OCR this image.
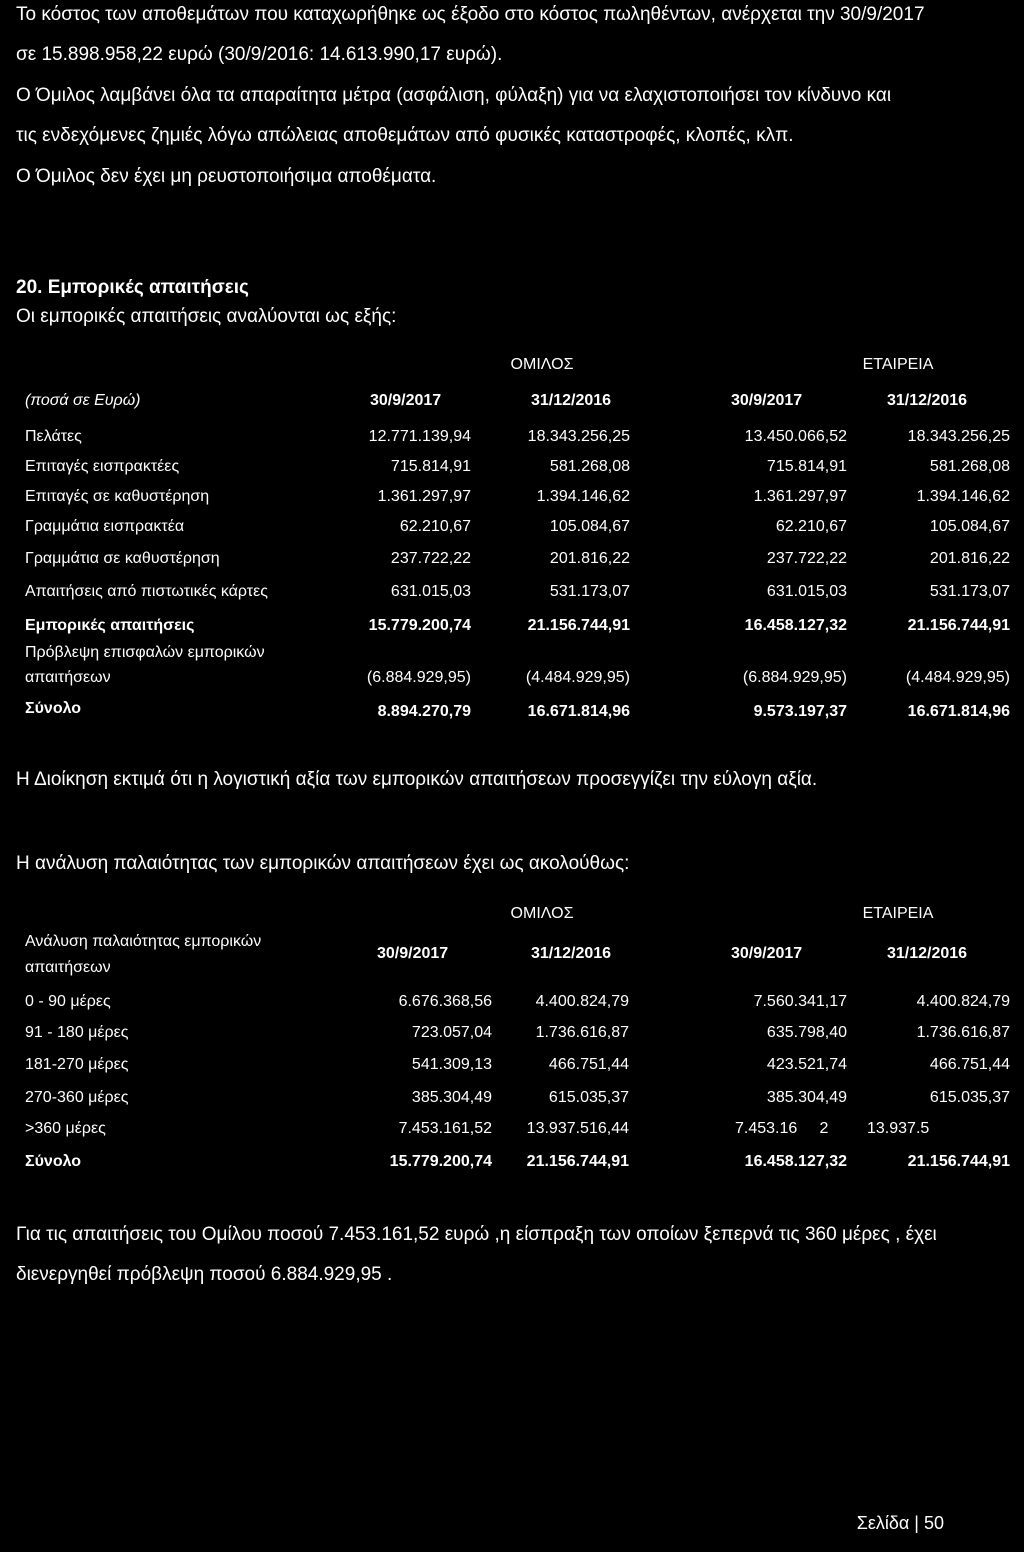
Το κόστος των αποθεμάτων που καταχωρήθηκε ως έξοδο στο κόστος πωληθέντων, ανέρχεται την 30/9/2017
σε 15.898.958,22 ευρώ (30/9/2016: 14.613.990,17 ευρώ).
Ο Όμιλος λαμβάνει όλα τα απαραίτητα μέτρα (ασφάλιση, φύλαξη) για να ελαχιστοποιήσει τον κίνδυνο και
τις ενδεχόμενες ζημιές λόγω απώλειας αποθεμάτων από φυσικές καταστροφές, κλοπές, κλπ.
Ο Όμιλος δεν έχει μη ρευστοποιήσιμα αποθέματα.
20. Εμπορικές απαιτήσεις
Οι εμπορικές απαιτήσεις αναλύονται ως εξής:
ΟΜΙΛΟΣ	ΕΤΑΙΡΕΙΑ
(ποσά σε Ευρώ)	30/9/2017	31/12/2016	30/9/2017	31/12/2016
Πελάτες	12.771.139,94	18.343.256,25	13.450.066,52	18.343.256,25
Επιταγές εισπρακτέες	715.814,91	581.268,08	715.814,91	581.268,08
Επιταγές σε καθυστέρηση	1.361.297,97	1.394.146,62	1.361.297,97	1.394.146,62
Γραμμάτια εισπρακτέα	62.210,67	105.084,67	62.210,67	105.084,67
Γραμμάτια σε καθυστέρηση	237.722,22	201.816,22	237.722,22	201.816,22
Απαιτήσεις από πιστωτικές κάρτες	631.015,03	531.173,07	631.015,03	531.173,07
Εμπορικές απαιτήσεις	15.779.200,74	21.156.744,91	16.458.127,32	21.156.744,91
Πρόβλεψη επισφαλών εμπορικών
απαιτήσεων	(6.884.929,95)	(4.484.929,95)	(6.884.929,95)	(4.484.929,95)
Σύνολο	8.894.270,79	16.671.814,96	9.573.197,37	16.671.814,96
Η Διοίκηση εκτιμά ότι η λογιστική αξία των εμπορικών απαιτήσεων προσεγγίζει την εύλογη αξία.
Η ανάλυση παλαιότητας των εμπορικών απαιτήσεων έχει ως ακολούθως:
ΟΜΙΛΟΣ	ΕΤΑΙΡΕΙΑ
Ανάλυση παλαιότητας εμπορικών
απαιτήσεων
30/9/2017	31/12/2016	30/9/2017	31/12/2016
0 - 90 μέρες	6.676.368,56	4.400.824,79	7.560.341,17	4.400.824,79
91 - 180 μέρες	723.057,04	1.736.616,87	635.798,40	1.736.616,87
181-270 μέρες	541.309,13	466.751,44	423.521,74	466.751,44
270-360 μέρες	385.304,49	615.035,37	385.304,49	615.035,37
>360 μέρες	7.453.161,52 13.937.516,44	7.453.16     2 13.937.5
Σύνολο	15.779.200,74 21.156.744,91	16.458.127,32	21.156.744,91
Για τις απαιτήσεις του Ομίλου ποσού 7.453.161,52 ευρώ ,η είσπραξη των οποίων ξεπερνά τις 360 μέρες , έχει
διενεργηθεί πρόβλεψη ποσού 6.884.929,95 .
Σελίδα | 50
